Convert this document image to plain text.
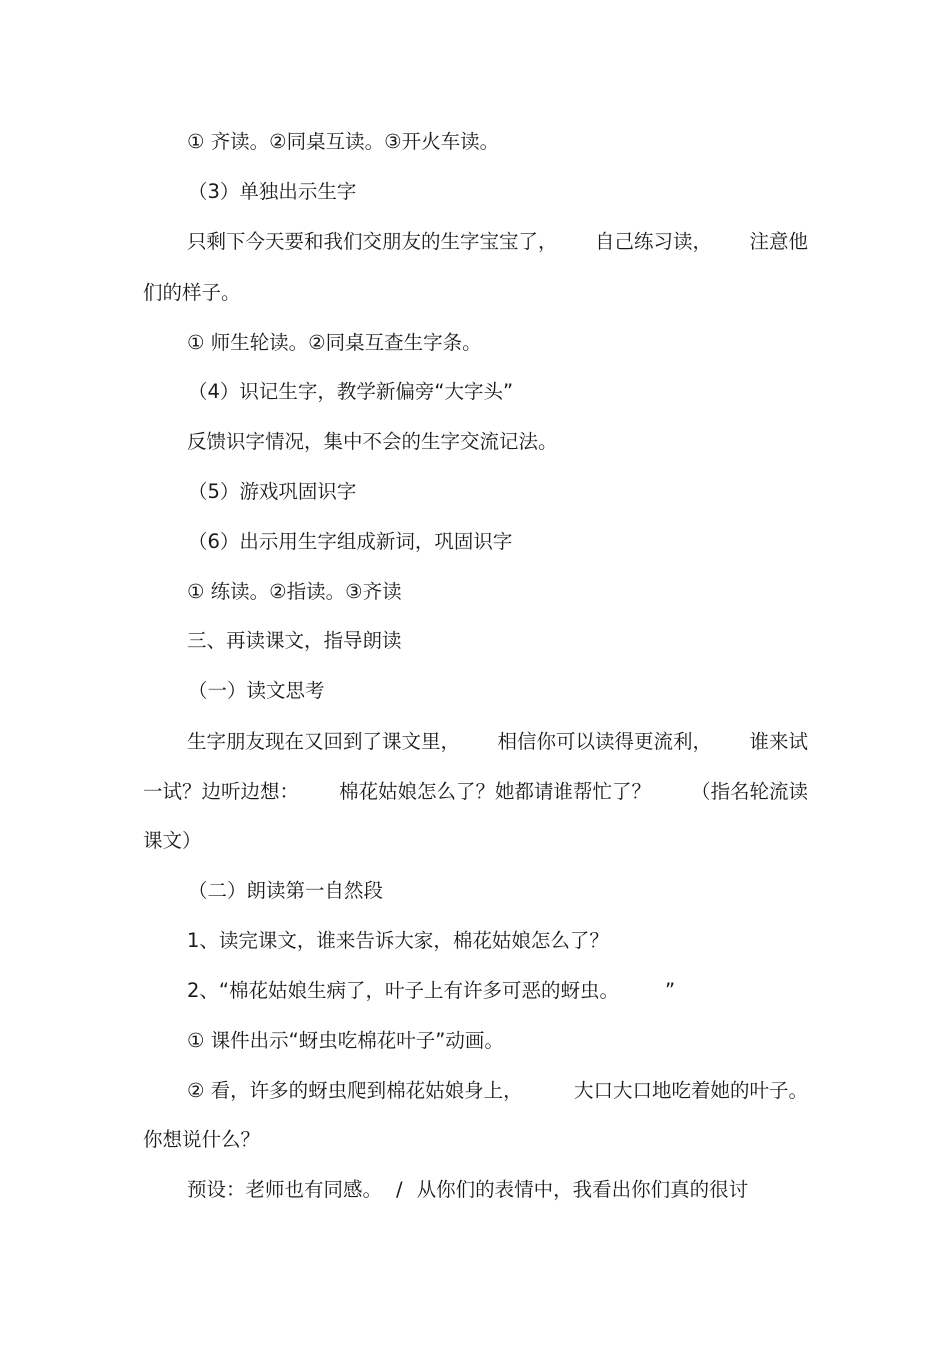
① 齐读。②同桌互读。③开火车读。
（3）单独出示生字
只剩下今天要和我们交朋友的生字宝宝了， 自己练习读， 注意他
们的样子。
① 师生轮读。②同桌互查生字条。
（4）识记生字，教学新偏旁“大字头”
反馈识字情况，集中不会的生字交流记法。
（5）游戏巩固识字
（6）出示用生字组成新词，巩固识字
① 练读。②指读。③齐读
三、再读课文，指导朗读
（一）读文思考
生字朋友现在又回到了课文里， 相信你可以读得更流利， 谁来试
一试？边听边想： 棉花姑娘怎么了？她都请谁帮忙了？ （指名轮流读
课文）
（二）朗读第一自然段
1、读完课文，谁来告诉大家，棉花姑娘怎么了？
2、“棉花姑娘生病了，叶子上有许多可恶的蚜虫。 ”
① 课件出示“蚜虫吃棉花叶子”动画。
② 看，许多的蚜虫爬到棉花姑娘身上，	大口大口地吃着她的叶子。
你想说什么？
预设：老师也有同感。 / 从你们的表情中，我看出你们真的很讨
